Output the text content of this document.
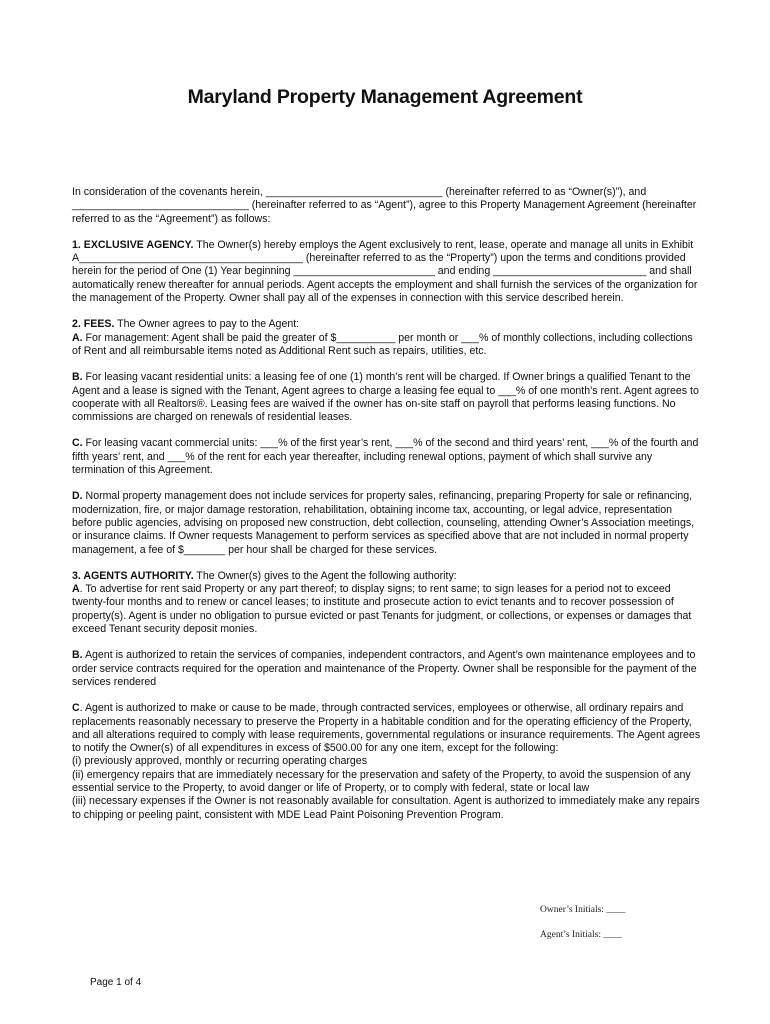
Maryland Property Management Agreement

In consideration of the covenants herein, ______________________________ (hereinafter referred to as “Owner(s)”), and ______________________________ (hereinafter referred to as “Agent”), agree to this Property Management Agreement (hereinafter referred to as the “Agreement”) as follows:

1. EXCLUSIVE AGENCY. The Owner(s) hereby employs the Agent exclusively to rent, lease, operate and manage all units in Exhibit A______________________________________ (hereinafter referred to as the “Property”) upon the terms and conditions provided herein for the period of One (1) Year beginning ________________________ and ending __________________________ and shall automatically renew thereafter for annual periods. Agent accepts the employment and shall furnish the services of the organization for the management of the Property. Owner shall pay all of the expenses in connection with this service described herein.

2. FEES. The Owner agrees to pay to the Agent:

A. For management: Agent shall be paid the greater of $__________ per month or ___% of monthly collections, including collections of Rent and all reimbursable items noted as Additional Rent such as repairs, utilities, etc.

B. For leasing vacant residential units: a leasing fee of one (1) month’s rent will be charged. If Owner brings a qualified Tenant to the Agent and a lease is signed with the Tenant, Agent agrees to charge a leasing fee equal to ___% of one month’s rent. Agent agrees to cooperate with all Realtors®. Leasing fees are waived if the owner has on-site staff on payroll that performs leasing functions. No commissions are charged on renewals of residential leases.

C. For leasing vacant commercial units: ___% of the first year’s rent, ___% of the second and third years’ rent, ___% of the fourth and fifth years’ rent, and ___% of the rent for each year thereafter, including renewal options, payment of which shall survive any termination of this Agreement.

D. Normal property management does not include services for property sales, refinancing, preparing Property for sale or refinancing, modernization, fire, or major damage restoration, rehabilitation, obtaining income tax, accounting, or legal advice, representation before public agencies, advising on proposed new construction, debt collection, counseling, attending Owner’s Association meetings, or insurance claims. If Owner requests Management to perform services as specified above that are not included in normal property management, a fee of $_______ per hour shall be charged for these services.

3. AGENTS AUTHORITY. The Owner(s) gives to the Agent the following authority:

A. To advertise for rent said Property or any part thereof; to display signs; to rent same; to sign leases for a period not to exceed twenty-four months and to renew or cancel leases; to institute and prosecute action to evict tenants and to recover possession of property(s). Agent is under no obligation to pursue evicted or past Tenants for judgment, or collections, or expenses or damages that exceed Tenant security deposit monies.

B. Agent is authorized to retain the services of companies, independent contractors, and Agent’s own maintenance employees and to order service contracts required for the operation and maintenance of the Property. Owner shall be responsible for the payment of the services rendered

C. Agent is authorized to make or cause to be made, through contracted services, employees or otherwise, all ordinary repairs and replacements reasonably necessary to preserve the Property in a habitable condition and for the operating efficiency of the Property, and all alterations required to comply with lease requirements, governmental regulations or insurance requirements. The Agent agrees to notify the Owner(s) of all expenditures in excess of $500.00 for any one item, except for the following:

(i) previously approved, monthly or recurring operating charges

(ii) emergency repairs that are immediately necessary for the preservation and safety of the Property, to avoid the suspension of any essential service to the Property, to avoid danger or life of Property, or to comply with federal, state or local law

(iii) necessary expenses if the Owner is not reasonably available for consultation. Agent is authorized to immediately make any repairs to chipping or peeling paint, consistent with MDE Lead Paint Poisoning Prevention Program.

Owner’s Initials: ____
Agent’s Initials: ____
Page 1 of 4
